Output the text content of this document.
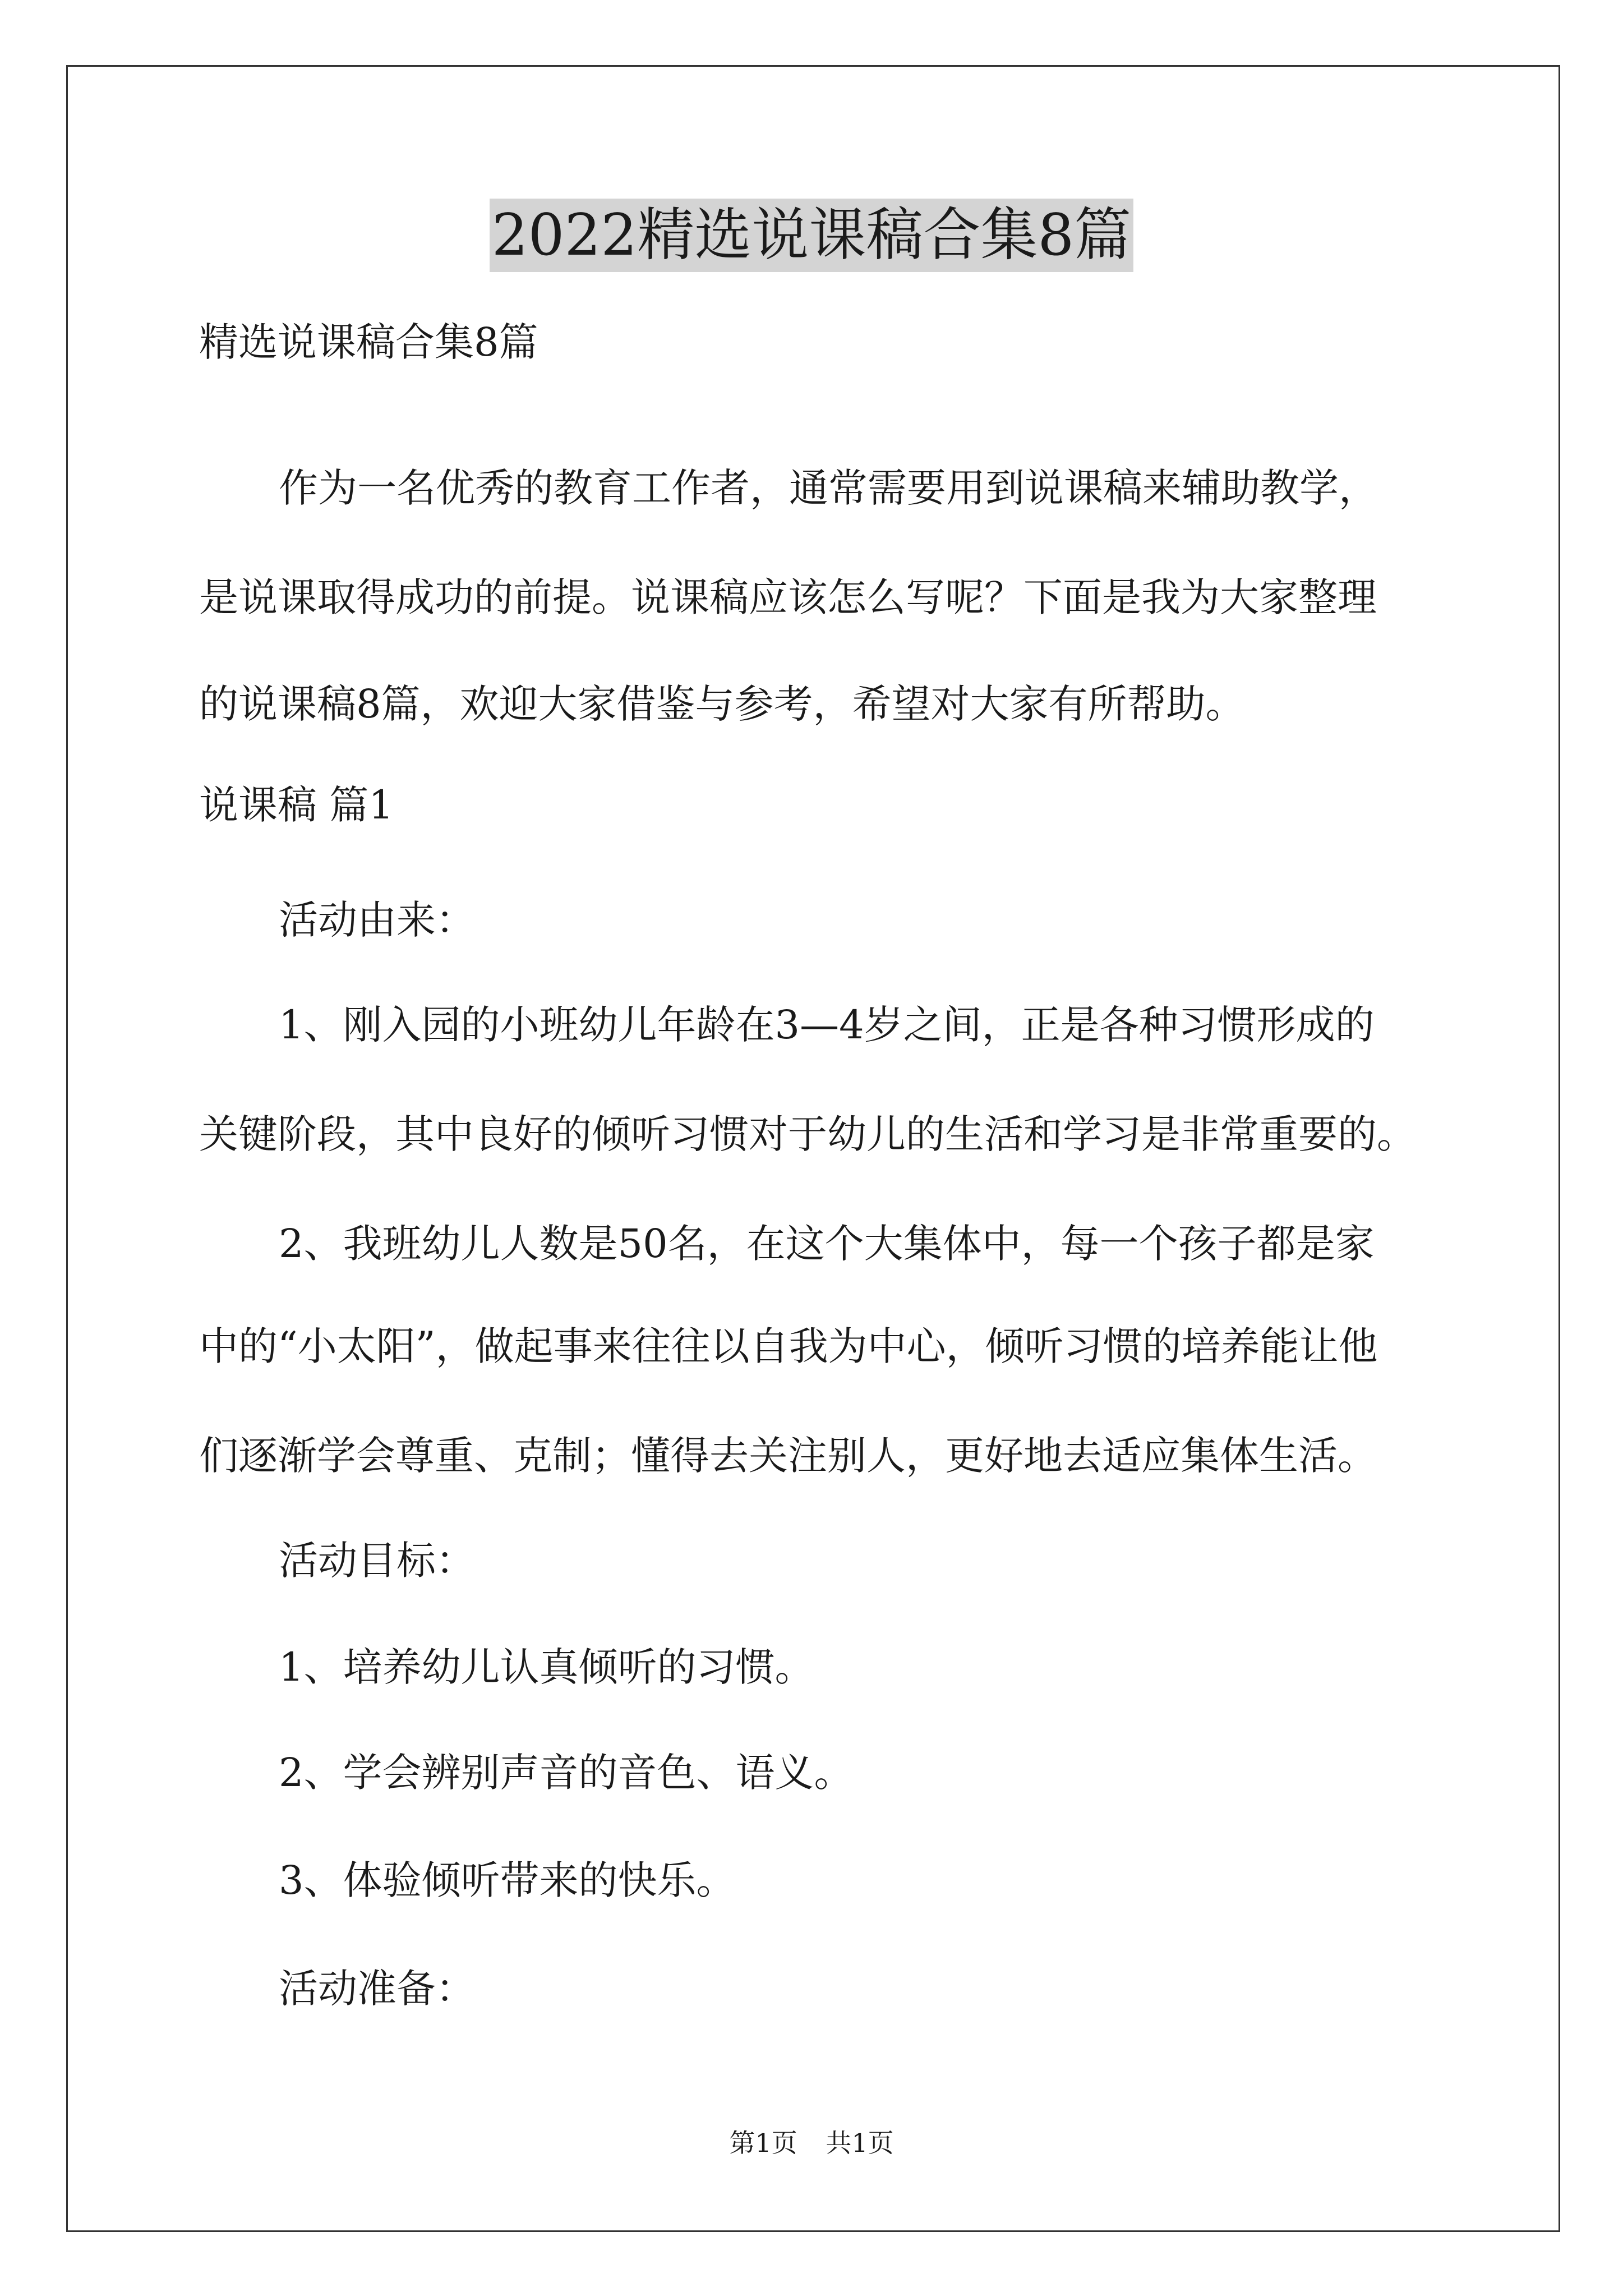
2022精选说课稿合集8篇
精选说课稿合集8篇
作为一名优秀的教育工作者，通常需要用到说课稿来辅助教学，
是说课取得成功的前提。说课稿应该怎么写呢？下面是我为大家整理
的说课稿8篇，欢迎大家借鉴与参考，希望对大家有所帮助。
说课稿 篇1
活动由来：
1、刚入园的小班幼儿年龄在3—4岁之间，正是各种习惯形成的
关键阶段，其中良好的倾听习惯对于幼儿的生活和学习是非常重要的。
2、我班幼儿人数是50名，在这个大集体中，每一个孩子都是家
中的“小太阳”，做起事来往往以自我为中心，倾听习惯的培养能让他
们逐渐学会尊重、克制；懂得去关注别人，更好地去适应集体生活。
活动目标：
1、培养幼儿认真倾听的习惯。
2、学会辨别声音的音色、语义。
3、体验倾听带来的快乐。
活动准备：
第1页 共1页
